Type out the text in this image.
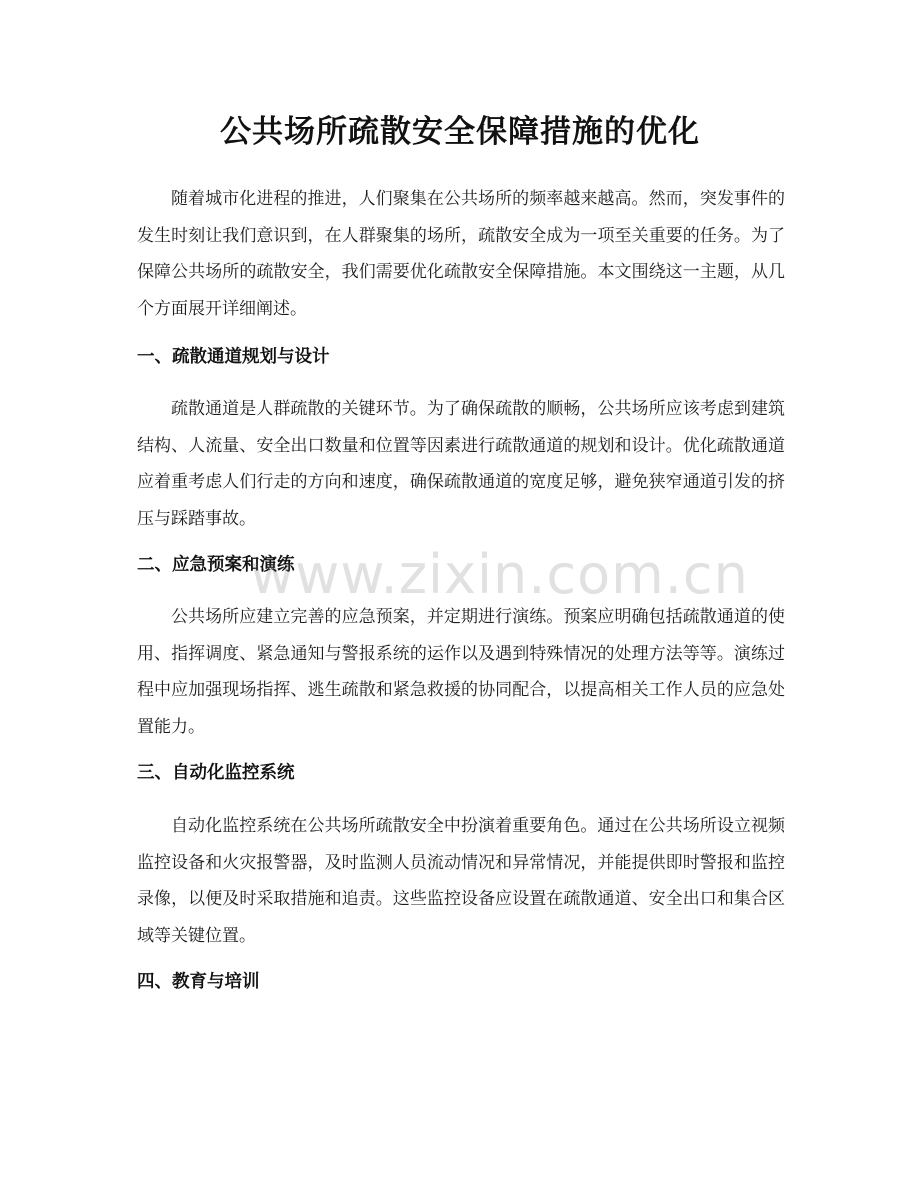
公共场所疏散安全保障措施的优化

随着城市化进程的推进，人们聚集在公共场所的频率越来越高。然而，突发事件的发生时刻让我们意识到，在人群聚集的场所，疏散安全成为一项至关重要的任务。为了保障公共场所的疏散安全，我们需要优化疏散安全保障措施。本文围绕这一主题，从几个方面展开详细阐述。

一、疏散通道规划与设计

疏散通道是人群疏散的关键环节。为了确保疏散的顺畅，公共场所应该考虑到建筑结构、人流量、安全出口数量和位置等因素进行疏散通道的规划和设计。优化疏散通道应着重考虑人们行走的方向和速度，确保疏散通道的宽度足够，避免狭窄通道引发的挤压与踩踏事故。

二、应急预案和演练

公共场所应建立完善的应急预案，并定期进行演练。预案应明确包括疏散通道的使用、指挥调度、紧急通知与警报系统的运作以及遇到特殊情况的处理方法等等。演练过程中应加强现场指挥、逃生疏散和紧急救援的协同配合，以提高相关工作人员的应急处置能力。

三、自动化监控系统

自动化监控系统在公共场所疏散安全中扮演着重要角色。通过在公共场所设立视频监控设备和火灾报警器，及时监测人员流动情况和异常情况，并能提供即时警报和监控录像，以便及时采取措施和追责。这些监控设备应设置在疏散通道、安全出口和集合区域等关键位置。

四、教育与培训
www.zixin.com.cn
